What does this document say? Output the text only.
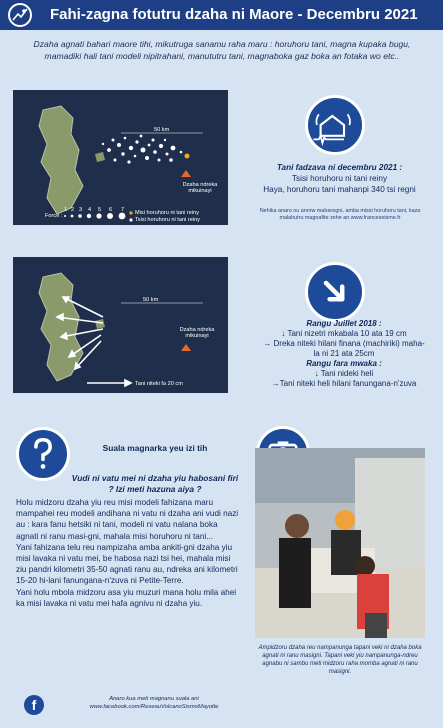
Fahi-zagna fotutru dzaha ni Maore - Decembru 2021
Dzaha agnati bahari maore tihi, mikutruga sanamu raha maru : horuhoru tani, magna kupaka bugu, mamadiki hali tani modeli nipitrahani, manututru tani, magnaboka gaz boka an fotaka wo etc..
50 km
Dzaha ndreka mikuinayi
Force :
1 2 3 4 5 6 7 Misi horuhoru ni tani reiny
Tsisi horuhoru ni tani reiny
Tani fadzava ni decembru 2021 :
Tsisi horuhoru ni tani reiny
Haya, horuhoru tani mahanpi 340 tsi regni
Nehika anaro ou anrow maharegni, amba missi horuhoru tani, kaza malahutru magnafite zehe an www.franceseisme.fr
50 km
Dzaha ndreka mikuinayi
Tani niteki fa 20 cm
Rangu Juillet 2018 :
↓ Tani nizetri mkabala 10 ata 19 cm
→ Dreka niteki hilani finana (machiriki) maha-
la ni 21 ata 25cm
Rangu fara mwaka :
↓ Tani nideki heli
→Tani niteki heli hilani fanungana-n'zuva
Suala magnarka yeu izi tih
Vudi ni vatu mei ni dzaha yiu habosani firi ? Izi meti hazuna aiya ?
Holu midzoru dzaha yiu reu misi modeli fahizana maru mampahei reu modeli andihana ni vatu ni dzaha ani vudi nazi au : kara fanu hetsiki ni tani, modeli ni vatu nalana boka agnati ni ranu masi-gni, mahala misi horuhoru ni tani...
Yani fahizana telu reu nampizaha amba ankiti-gni dzaha yiu misi lavaka ni vatu mei, be habosa nazi tsi hei, mahala misi ziu pandri kilometri 35-50 agnati ranu au, ndreka ani kilometri 15-20 hi-lani fanungana-n'zuva ni Petite-Terre.
Yani holu mbola midzoru asa yiu muzuri mana holu mila ahei ka misi lavaka ni vatu mei hafa agnivu ni dzaha yiu.
Ampidzoru dzaha reu nampanunga tapani veki ni dzaha boka agnati ni ranu masigni. Tapani veki yiu nampanunga-ndreu agnabu ni sambu meti midzoru raha momba agnati ni ranu masigni.
f	Anaro kua meti magnanu suala ani
www.facebook.com/ReseauVolcanoSismoMayotte
